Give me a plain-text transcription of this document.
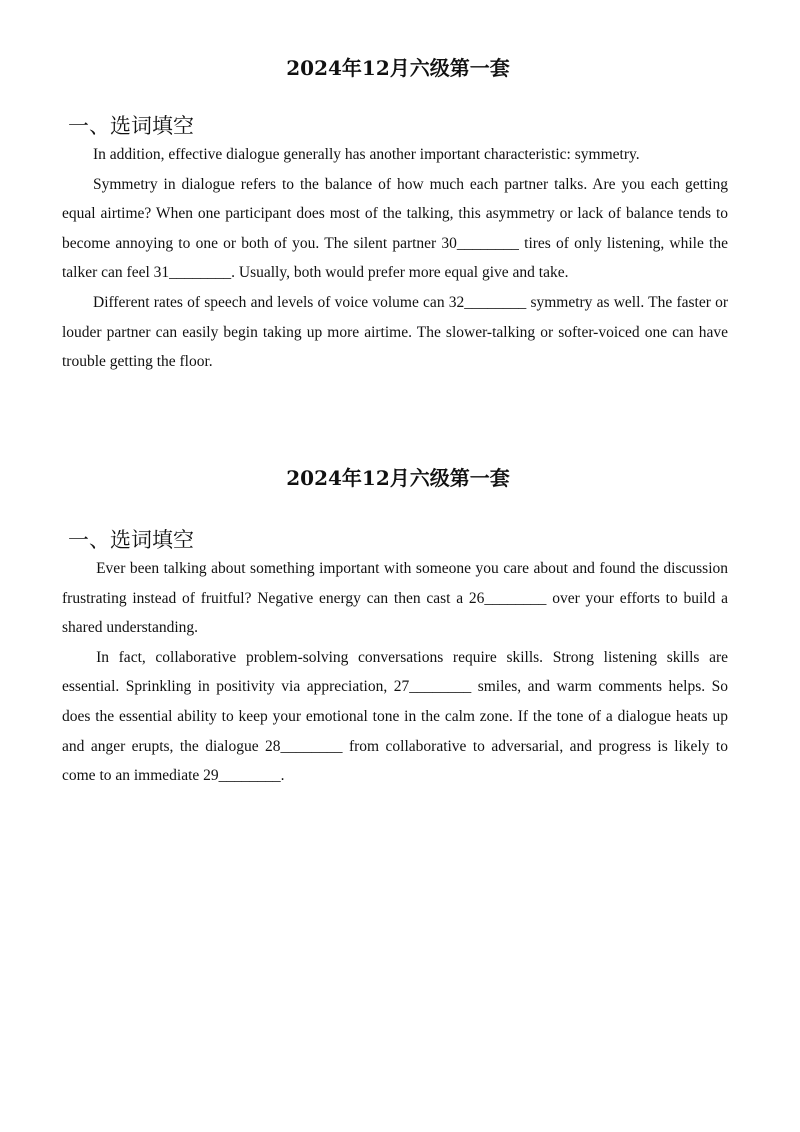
2024年12月六级第一套
一、选词填空

In addition, effective dialogue generally has another important characteristic: symmetry.

Symmetry in dialogue refers to the balance of how much each partner talks. Are you each getting equal airtime? When one participant does most of the talking, this asymmetry or lack of balance tends to become annoying to one or both of you. The silent partner 30________ tires of only listening, while the talker can feel 31________. Usually, both would prefer more equal give and take.

Different rates of speech and levels of voice volume can 32________ symmetry as well. The faster or louder partner can easily begin taking up more airtime. The slower-talking or softer-voiced one can have trouble getting the floor.

2024年12月六级第一套
一、选词填空

Ever been talking about something important with someone you care about and found the discussion frustrating instead of fruitful? Negative energy can then cast a 26________ over your efforts to build a shared understanding.

In fact, collaborative problem-solving conversations require skills. Strong listening skills are essential. Sprinkling in positivity via appreciation, 27________ smiles, and warm comments helps. So does the essential ability to keep your emotional tone in the calm zone. If the tone of a dialogue heats up and anger erupts, the dialogue 28________ from collaborative to adversarial, and progress is likely to come to an immediate 29________.
